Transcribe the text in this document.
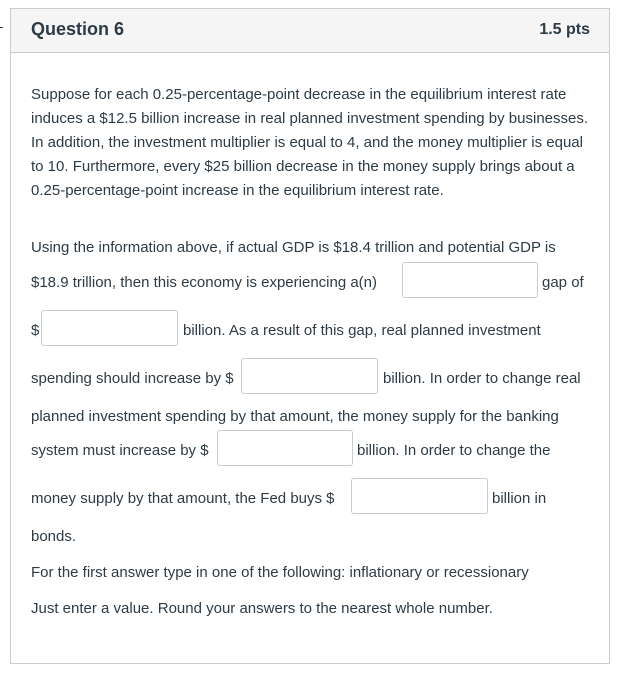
Question 6	1.5 pts

Suppose for each 0.25-percentage-point decrease in the equilibrium interest rate induces a $12.5 billion increase in real planned investment spending by businesses. In addition, the investment multiplier is equal to 4, and the money multiplier is equal to 10. Furthermore, every $25 billion decrease in the money supply brings about a 0.25-percentage-point increase in the equilibrium interest rate.

Using the information above, if actual GDP is $18.4 trillion and potential GDP is
$18.9 trillion, then this economy is experiencing a(n)	gap of
$	billion. As a result of this gap, real planned investment
spending should increase by $	billion. In order to change real
planned investment spending by that amount, the money supply for the banking
system must increase by $	billion. In order to change the
money supply by that amount, the Fed buys $	billion in
bonds.
For the first answer type in one of the following: inflationary or recessionary
Just enter a value. Round your answers to the nearest whole number.
